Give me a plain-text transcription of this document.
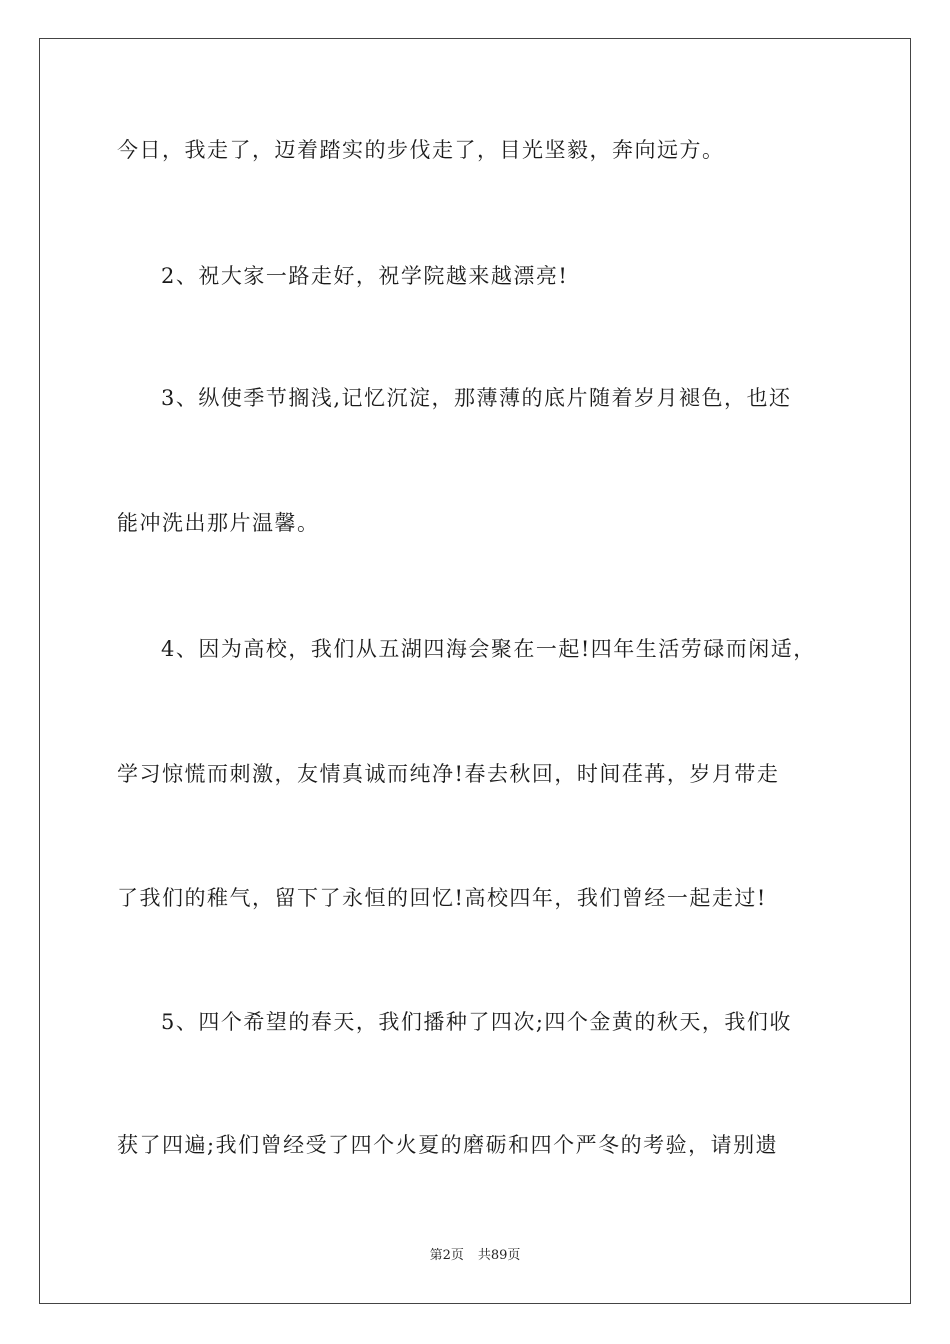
今日，我走了，迈着踏实的步伐走了，目光坚毅，奔向远方。
2、祝大家一路走好，祝学院越来越漂亮!
3、纵使季节搁浅,记忆沉淀，那薄薄的底片随着岁月褪色，也还
能冲洗出那片温馨。
4、因为高校，我们从五湖四海会聚在一起!四年生活劳碌而闲适，
学习惊慌而刺激，友情真诚而纯净!春去秋回，时间荏苒，岁月带走
了我们的稚气，留下了永恒的回忆!高校四年，我们曾经一起走过!
5、四个希望的春天，我们播种了四次;四个金黄的秋天，我们收
获了四遍;我们曾经受了四个火夏的磨砺和四个严冬的考验，请别遗
第2页 共89页
